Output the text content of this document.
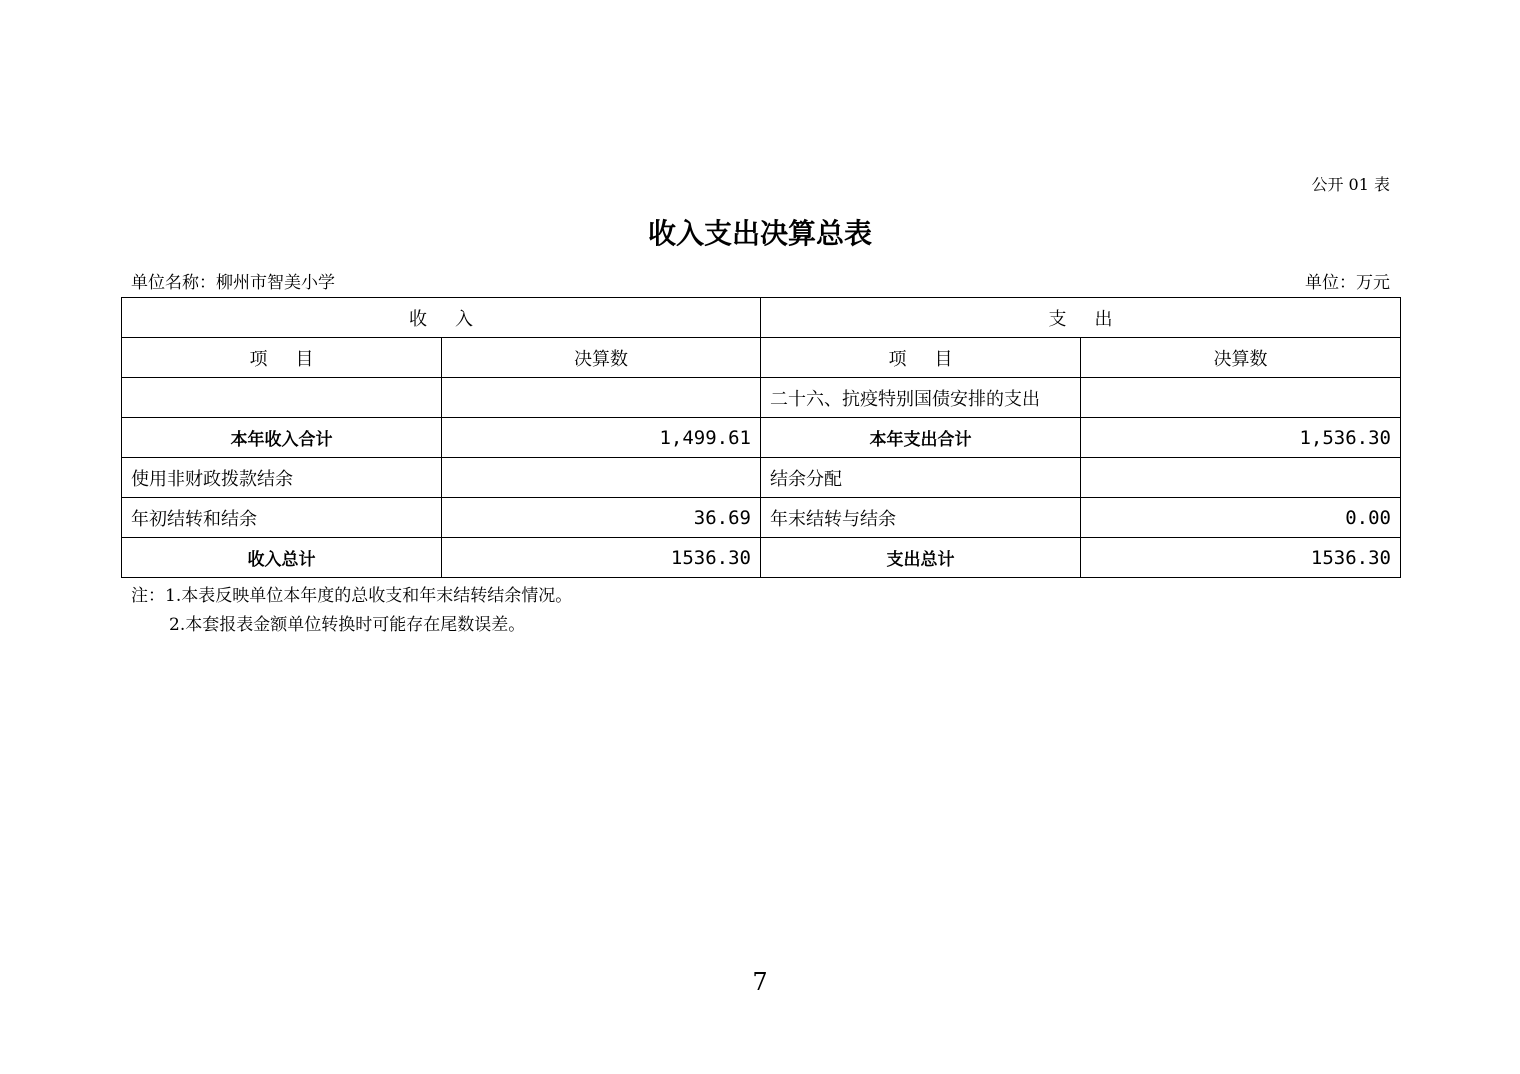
公开 01 表
收入支出决算总表
单位名称：柳州市智美小学	单位：万元
收入		支出	
项目	决算数	项目	决算数
		二十六、抗疫特别国债安排的支出	
本年收入合计	1,499.61	本年支出合计	1,536.30
使用非财政拨款结余		结余分配	
年初结转和结余	36.69	年末结转与结余	0.00
收入总计	1536.30	支出总计	1536.30
注：1.本表反映单位本年度的总收支和年末结转结余情况。
2.本套报表金额单位转换时可能存在尾数误差。
7
